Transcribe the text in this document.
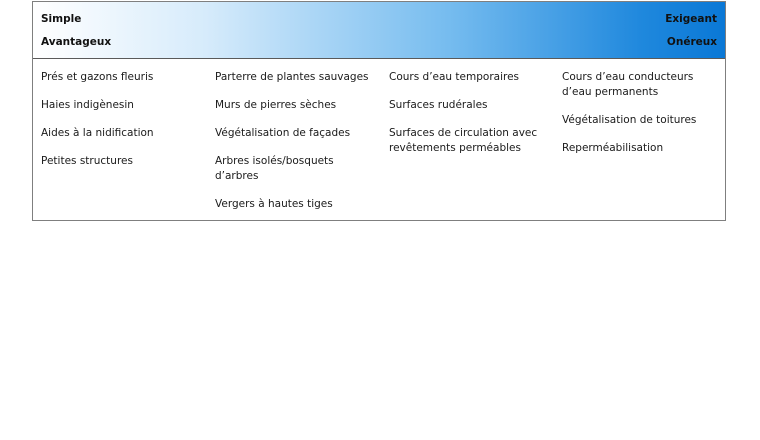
Simple
Avantageux
Exigeant
Onéreux
Prés et gazons fleuris
Haies indigènesin
Aides à la nidification
Petites structures
Parterre de plantes sauvages
Murs de pierres sèches
Végétalisation de façades
Arbres isolés/bosquets d’arbres
Vergers à hautes tiges
Cours d’eau temporaires
Surfaces rudérales
Surfaces de circulation avec revêtements perméables
Cours d’eau conducteurs d’eau permanents
Végétalisation de toitures
Reperméabilisation
